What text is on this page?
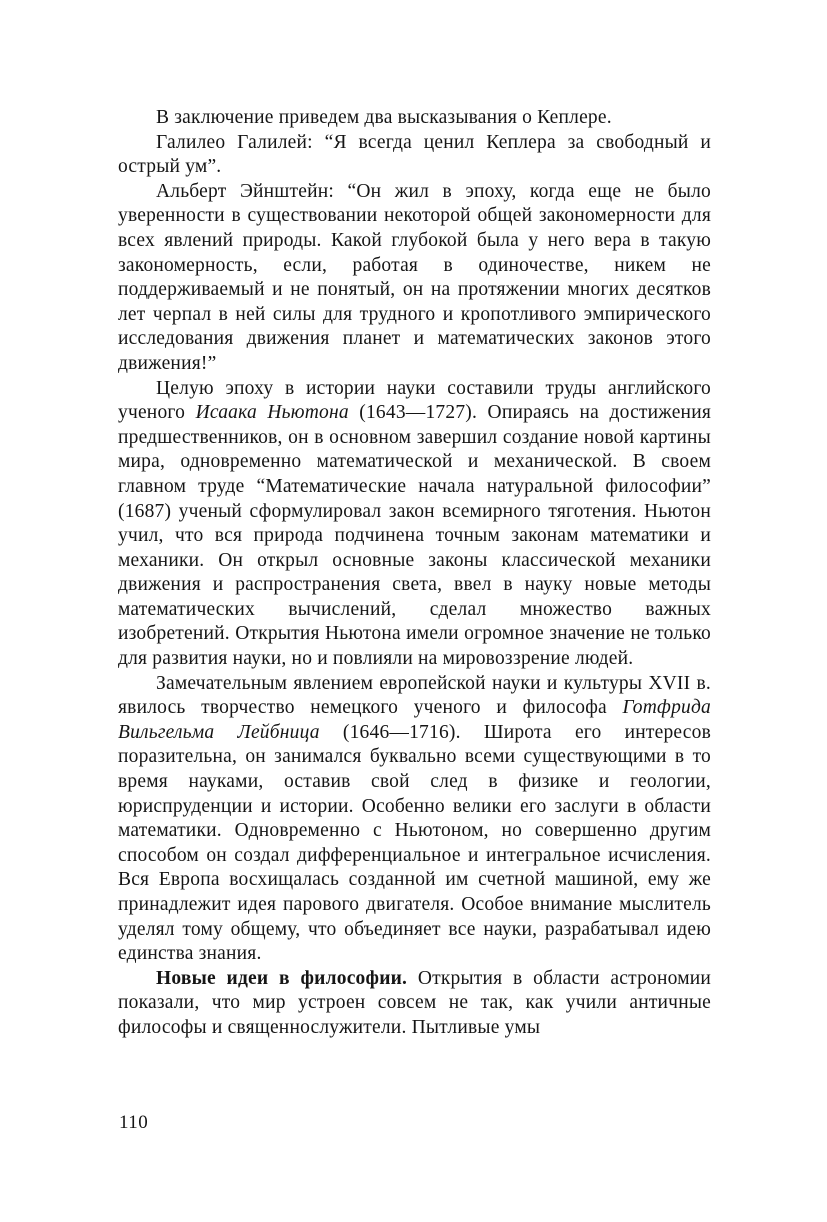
В заключение приведем два высказывания о Кеплере.

Галилео Галилей: “Я всегда ценил Кеплера за свободный и острый ум”.

Альберт Эйнштейн: “Он жил в эпоху, когда еще не было уверенности в существовании некоторой общей закономерности для всех явлений природы. Какой глубокой была у него вера в такую закономерность, если, работая в одиночестве, никем не поддерживаемый и не понятый, он на протяжении многих десятков лет черпал в ней силы для трудного и кропотливого эмпирического исследования движения планет и математических законов этого движения!”

Целую эпоху в истории науки составили труды английского ученого Исаака Ньютона (1643—1727). Опираясь на достижения предшественников, он в основном завершил создание новой картины мира, одновременно математической и механической. В своем главном труде “Математические начала натуральной философии” (1687) ученый сформулировал закон всемирного тяготения. Ньютон учил, что вся природа подчинена точным законам математики и механики. Он открыл основные законы классической механики движения и распространения света, ввел в науку новые методы математических вычислений, сделал множество важных изобретений. Открытия Ньютона имели огромное значение не только для развития науки, но и повлияли на мировоззрение людей.

Замечательным явлением европейской науки и культуры XVII в. явилось творчество немецкого ученого и философа Готфрида Вильгельма Лейбница (1646—1716). Широта его интересов поразительна, он занимался буквально всеми существующими в то время науками, оставив свой след в физике и геологии, юриспруденции и истории. Особенно велики его заслуги в области математики. Одновременно с Ньютоном, но совершенно другим способом он создал дифференциальное и интегральное исчисления. Вся Европа восхищалась созданной им счетной машиной, ему же принадлежит идея парового двигателя. Особое внимание мыслитель уделял тому общему, что объединяет все науки, разрабатывал идею единства знания.

Новые идеи в философии. Открытия в области астрономии показали, что мир устроен совсем не так, как учили античные философы и священнослужители. Пытливые умы

110
